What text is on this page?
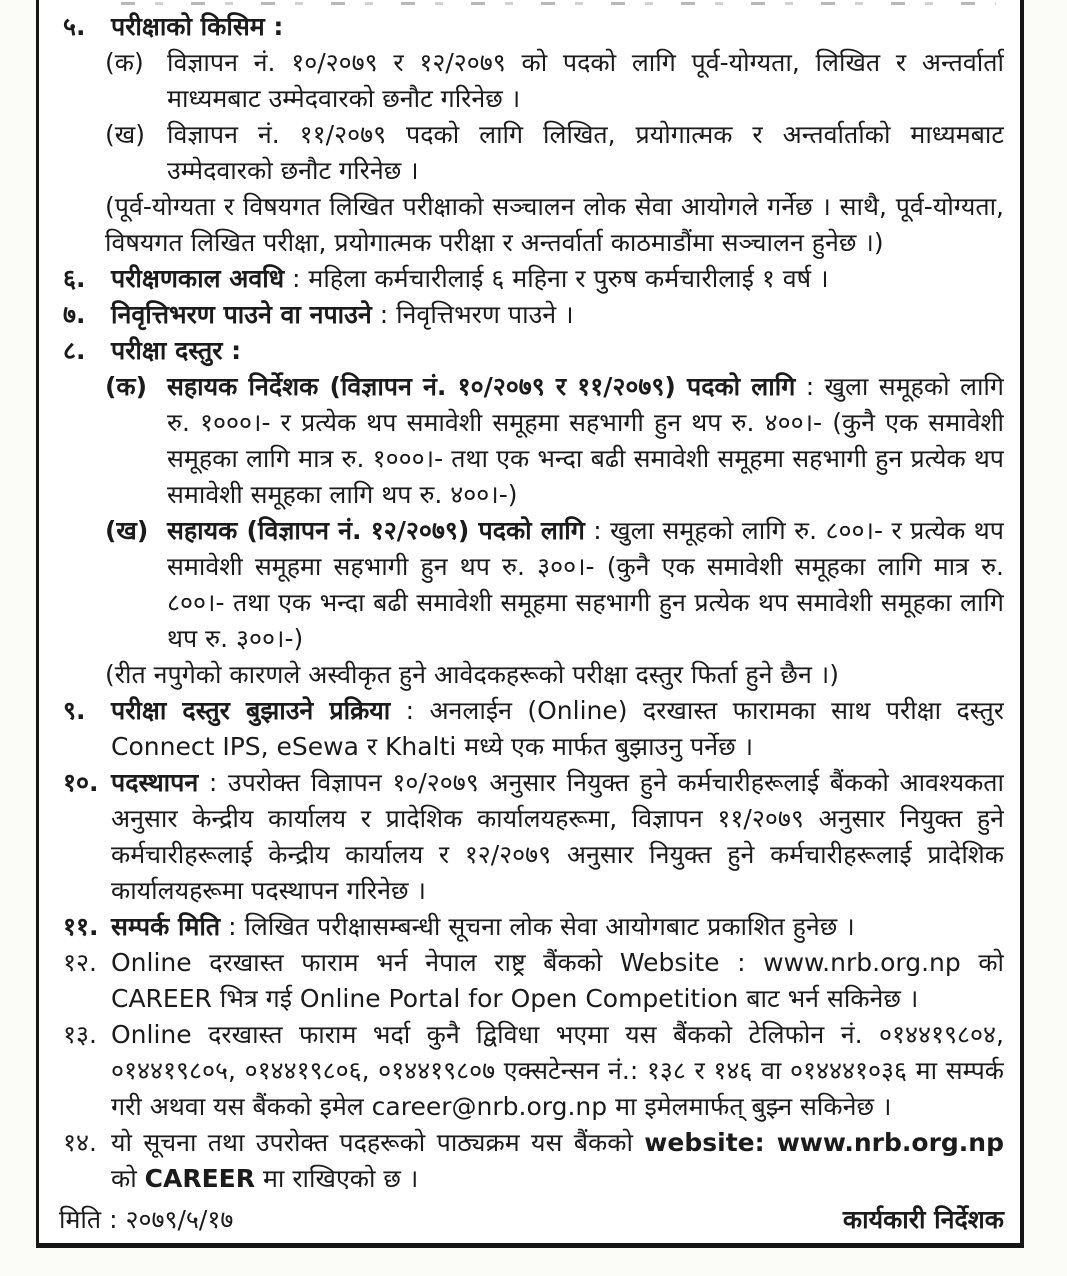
५. परीक्षाको किसिम :
(क) विज्ञापन नं. १०/२०७९ र १२/२०७९ को पदको लागि पूर्व-योग्यता, लिखित र अन्तर्वार्ता माध्यमबाट उम्मेदवारको छनौट गरिनेछ ।
(ख) विज्ञापन नं. ११/२०७९ पदको लागि लिखित, प्रयोगात्मक र अन्तर्वार्ताको माध्यमबाट उम्मेदवारको छनौट गरिनेछ ।
(पूर्व-योग्यता र विषयगत लिखित परीक्षाको सञ्चालन लोक सेवा आयोगले गर्नेछ । साथै, पूर्व-योग्यता, विषयगत लिखित परीक्षा, प्रयोगात्मक परीक्षा र अन्तर्वार्ता काठमाडौंमा सञ्चालन हुनेछ ।)
६. परीक्षणकाल अवधि : महिला कर्मचारीलाई ६ महिना र पुरुष कर्मचारीलाई १ वर्ष ।
७. निवृत्तिभरण पाउने वा नपाउने : निवृत्तिभरण पाउने ।
८. परीक्षा दस्तुर :
(क) सहायक निर्देशक (विज्ञापन नं. १०/२०७९ र ११/२०७९) पदको लागि : खुला समूहको लागि रु. १०००।- र प्रत्येक थप समावेशी समूहमा सहभागी हुन थप रु. ४००।- (कुनै एक समावेशी समूहका लागि मात्र रु. १०००।- तथा एक भन्दा बढी समावेशी समूहमा सहभागी हुन प्रत्येक थप समावेशी समूहका लागि थप रु. ४००।-)
(ख) सहायक (विज्ञापन नं. १२/२०७९) पदको लागि : खुला समूहको लागि रु. ८००।- र प्रत्येक थप समावेशी समूहमा सहभागी हुन थप रु. ३००।- (कुनै एक समावेशी समूहका लागि मात्र रु. ८००।- तथा एक भन्दा बढी समावेशी समूहमा सहभागी हुन प्रत्येक थप समावेशी समूहका लागि थप रु. ३००।-)
(रीत नपुगेको कारणले अस्वीकृत हुने आवेदकहरूको परीक्षा दस्तुर फिर्ता हुने छैन ।)
९. परीक्षा दस्तुर बुझाउने प्रक्रिया : अनलाईन (Online) दरखास्त फारामका साथ परीक्षा दस्तुर Connect IPS, eSewa र Khalti मध्ये एक मार्फत बुझाउनु पर्नेछ ।
१०. पदस्थापन : उपरोक्त विज्ञापन १०/२०७९ अनुसार नियुक्त हुने कर्मचारीहरूलाई बैंकको आवश्यकता अनुसार केन्द्रीय कार्यालय र प्रादेशिक कार्यालयहरूमा, विज्ञापन ११/२०७९ अनुसार नियुक्त हुने कर्मचारीहरूलाई केन्द्रीय कार्यालय र १२/२०७९ अनुसार नियुक्त हुने कर्मचारीहरूलाई प्रादेशिक कार्यालयहरूमा पदस्थापन गरिनेछ ।
११. सम्पर्क मिति : लिखित परीक्षासम्बन्धी सूचना लोक सेवा आयोगबाट प्रकाशित हुनेछ ।
१२. Online दरखास्त फाराम भर्न नेपाल राष्ट्र बैंकको Website : www.nrb.org.np को CAREER भित्र गई Online Portal for Open Competition बाट भर्न सकिनेछ ।
१३. Online दरखास्त फाराम भर्दा कुनै द्विविधा भएमा यस बैंकको टेलिफोन नं. ०१४४१९८०४, ०१४४१९८०५, ०१४४१९८०६, ०१४४१९८०७ एक्सटेन्सन नं.: १३८ र १४६ वा ०१४४४१०३६ मा सम्पर्क गरी अथवा यस बैंकको इमेल career@nrb.org.np मा इमेलमार्फत् बुझ्न सकिनेछ ।
१४. यो सूचना तथा उपरोक्त पदहरूको पाठ्यक्रम यस बैंकको website: www.nrb.org.np को CAREER मा राखिएको छ ।
मिति : २०७९/५/१७	कार्यकारी निर्देशक
